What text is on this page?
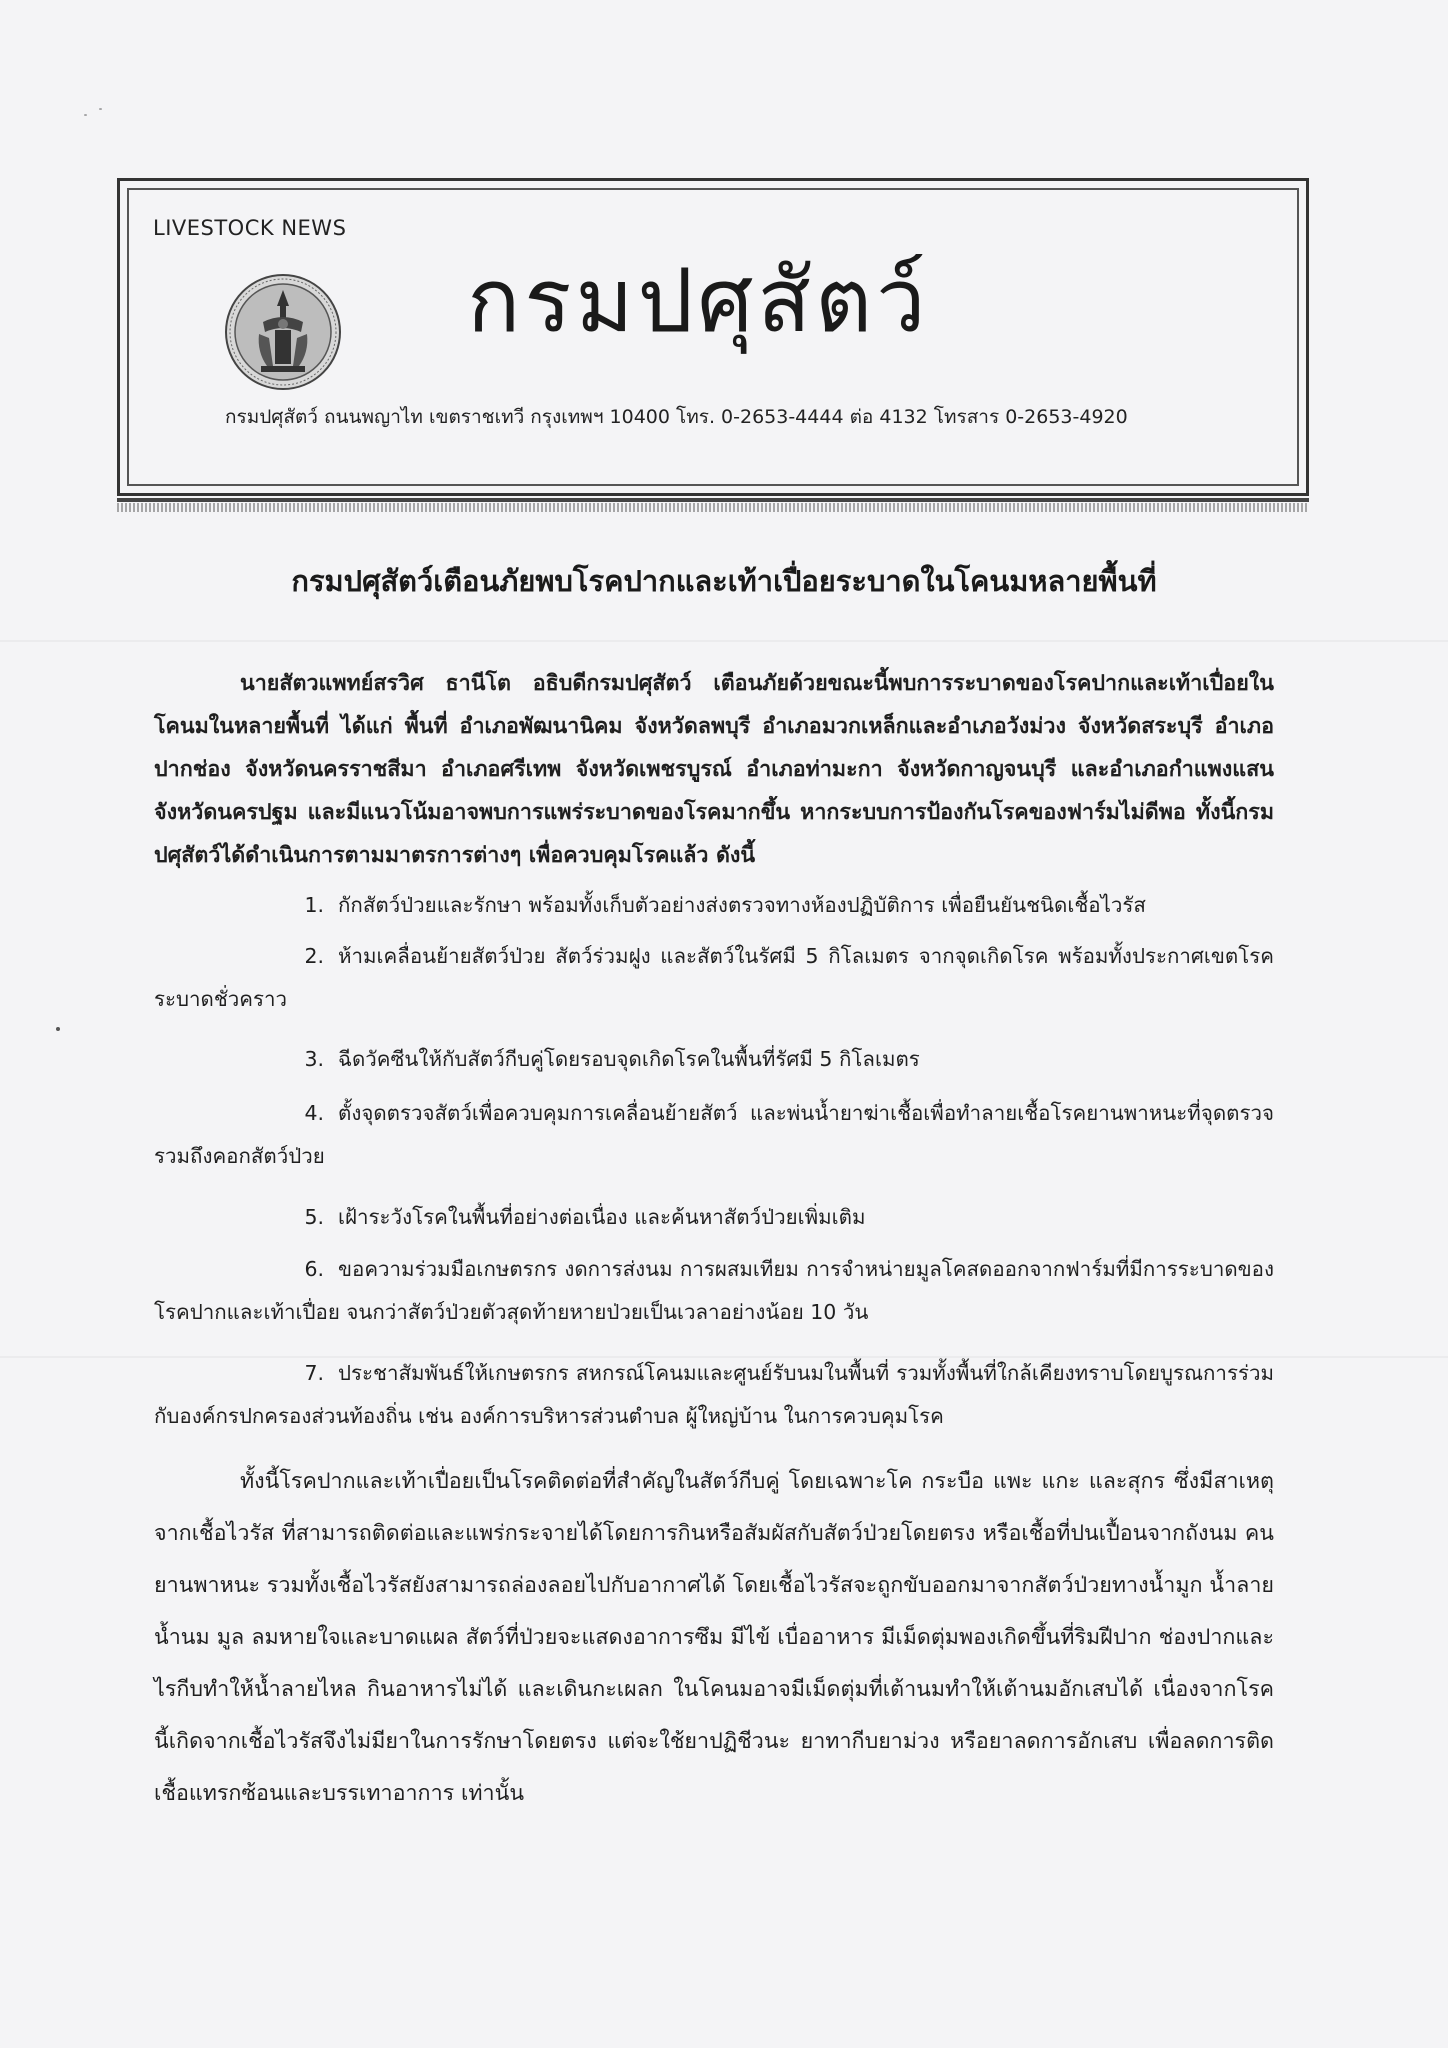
LIVESTOCK NEWS
กรมปศุสัตว์
กรมปศุสัตว์ ถนนพญาไท เขตราชเทวี กรุงเทพฯ 10400 โทร. 0-2653-4444 ต่อ 4132 โทรสาร 0-2653-4920
กรมปศุสัตว์เตือนภัยพบโรคปากและเท้าเปื่อยระบาดในโคนมหลายพื้นที่

นายสัตวแพทย์สรวิศ ธานีโต อธิบดีกรมปศุสัตว์ เตือนภัยด้วยขณะนี้พบการระบาดของโรคปากและเท้าเปื่อยในโคนมในหลายพื้นที่ ได้แก่ พื้นที่ อำเภอพัฒนานิคม จังหวัดลพบุรี อำเภอมวกเหล็กและอำเภอวังม่วง จังหวัดสระบุรี อำเภอปากช่อง จังหวัดนครราชสีมา อำเภอศรีเทพ จังหวัดเพชรบูรณ์ อำเภอท่ามะกา จังหวัดกาญจนบุรี และอำเภอกำแพงแสน จังหวัดนครปฐม และมีแนวโน้มอาจพบการแพร่ระบาดของโรคมากขึ้น หากระบบการป้องกันโรคของฟาร์มไม่ดีพอ ทั้งนี้กรมปศุสัตว์ได้ดำเนินการตามมาตรการต่างๆ เพื่อควบคุมโรคแล้ว ดังนี้

1. กักสัตว์ป่วยและรักษา พร้อมทั้งเก็บตัวอย่างส่งตรวจทางห้องปฏิบัติการ เพื่อยืนยันชนิดเชื้อไวรัส

2. ห้ามเคลื่อนย้ายสัตว์ป่วย สัตว์ร่วมฝูง และสัตว์ในรัศมี 5 กิโลเมตร จากจุดเกิดโรค พร้อมทั้งประกาศเขตโรคระบาดชั่วคราว

3. ฉีดวัคซีนให้กับสัตว์กีบคู่โดยรอบจุดเกิดโรคในพื้นที่รัศมี 5 กิโลเมตร

4. ตั้งจุดตรวจสัตว์เพื่อควบคุมการเคลื่อนย้ายสัตว์ และพ่นน้ำยาฆ่าเชื้อเพื่อทำลายเชื้อโรคยานพาหนะที่จุดตรวจ รวมถึงคอกสัตว์ป่วย

5. เฝ้าระวังโรคในพื้นที่อย่างต่อเนื่อง และค้นหาสัตว์ป่วยเพิ่มเติม

6. ขอความร่วมมือเกษตรกร งดการส่งนม การผสมเทียม การจำหน่ายมูลโคสดออกจากฟาร์มที่มีการระบาดของโรคปากและเท้าเปื่อย จนกว่าสัตว์ป่วยตัวสุดท้ายหายป่วยเป็นเวลาอย่างน้อย 10 วัน

7. ประชาสัมพันธ์ให้เกษตรกร สหกรณ์โคนมและศูนย์รับนมในพื้นที่ รวมทั้งพื้นที่ใกล้เคียงทราบโดยบูรณการร่วมกับองค์กรปกครองส่วนท้องถิ่น เช่น องค์การบริหารส่วนตำบล ผู้ใหญ่บ้าน ในการควบคุมโรค

ทั้งนี้โรคปากและเท้าเปื่อยเป็นโรคติดต่อที่สำคัญในสัตว์กีบคู่ โดยเฉพาะโค กระบือ แพะ แกะ และสุกร ซึ่งมีสาเหตุจากเชื้อไวรัส ที่สามารถติดต่อและแพร่กระจายได้โดยการกินหรือสัมผัสกับสัตว์ป่วยโดยตรง หรือเชื้อที่ปนเปื้อนจากถังนม คน ยานพาหนะ รวมทั้งเชื้อไวรัสยังสามารถล่องลอยไปกับอากาศได้ โดยเชื้อไวรัสจะถูกขับออกมาจากสัตว์ป่วยทางน้ำมูก น้ำลาย น้ำนม มูล ลมหายใจและบาดแผล สัตว์ที่ป่วยจะแสดงอาการซึม มีไข้ เบื่ออาหาร มีเม็ดตุ่มพองเกิดขึ้นที่ริมฝีปาก ช่องปากและไรกีบทำให้น้ำลายไหล กินอาหารไม่ได้ และเดินกะเผลก ในโคนมอาจมีเม็ดตุ่มที่เต้านมทำให้เต้านมอักเสบได้ เนื่องจากโรคนี้เกิดจากเชื้อไวรัสจึงไม่มียาในการรักษาโดยตรง แต่จะใช้ยาปฏิชีวนะ ยาทากีบยาม่วง หรือยาลดการอักเสบ เพื่อลดการติดเชื้อแทรกซ้อนและบรรเทาอาการ เท่านั้น
